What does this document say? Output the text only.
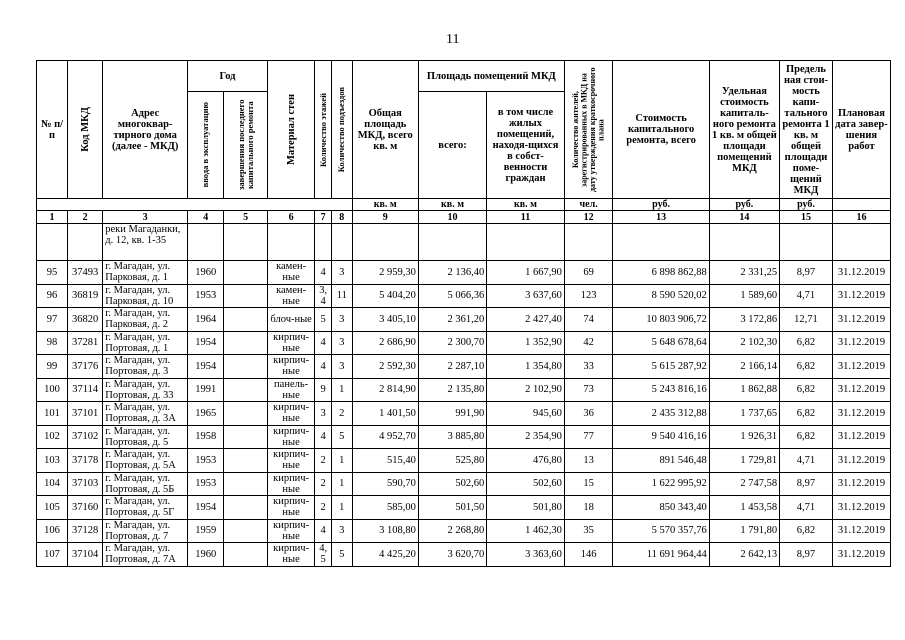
11
№ п/п	Код МКД	Адрес многоквар-тирного дома (далее - МКД)	Год		Материал стен	Количество этажей	Количество подъездов	Общая площадь МКД, всего кв. м	Площадь помещений МКД		Количество жителей, зарегистрированных в МКД на дату утверждения краткосрочного плана	Стоимость капитального ремонта, всего	Удельная стоимость капиталь-ного ремонта 1 кв. м общей площади помещений МКД	Предель ная стои-мость капи-тального ремонта 1 кв. м общей площади поме-щений МКД	Плановая дата завер-шения работ

			ввода в эксплуатацию	завершения последнего капитального ремонта					всего:	в том числе жилых помещений, находя-щихся в собст-венности граждан					
								кв. м	кв. м	кв. м	чел.	руб.	руб.	руб.	
1	2	3	4	5	6	7	8	9	10	11	12	13	14	15	16
		реки Магаданки, д. 12, кв. 1-35													
95	37493	г. Магадан, ул. Парковая, д. 1	1960		камен-ные	4	3	2 959,30	2 136,40	1 667,90	69	6 898 862,88	2 331,25	8,97	31.12.2019
96	36819	г. Магадан, ул. Парковая, д. 10	1953		камен-ные	3, 4	11	5 404,20	5 066,36	3 637,60	123	8 590 520,02	1 589,60	4,71	31.12.2019
97	36820	г. Магадан, ул. Парковая, д. 2	1964		блоч-ные	5	3	3 405,10	2 361,20	2 427,40	74	10 803 906,72	3 172,86	12,71	31.12.2019
98	37281	г. Магадан, ул. Портовая, д. 1	1954		кирпич-ные	4	3	2 686,90	2 300,70	1 352,90	42	5 648 678,64	2 102,30	6,82	31.12.2019
99	37176	г. Магадан, ул. Портовая, д. 3	1954		кирпич-ные	4	3	2 592,30	2 287,10	1 354,80	33	5 615 287,92	2 166,14	6,82	31.12.2019
100	37114	г. Магадан, ул. Портовая, д. 33	1991		панель-ные	9	1	2 814,90	2 135,80	2 102,90	73	5 243 816,16	1 862,88	6,82	31.12.2019
101	37101	г. Магадан, ул. Портовая, д. 3А	1965		кирпич-ные	3	2	1 401,50	991,90	945,60	36	2 435 312,88	1 737,65	6,82	31.12.2019
102	37102	г. Магадан, ул. Портовая, д. 5	1958		кирпич-ные	4	5	4 952,70	3 885,80	2 354,90	77	9 540 416,16	1 926,31	6,82	31.12.2019
103	37178	г. Магадан, ул. Портовая, д. 5А	1953		кирпич-ные	2	1	515,40	525,80	476,80	13	891 546,48	1 729,81	4,71	31.12.2019
104	37103	г. Магадан, ул. Портовая, д. 5Б	1953		кирпич-ные	2	1	590,70	502,60	502,60	15	1 622 995,92	2 747,58	8,97	31.12.2019
105	37160	г. Магадан, ул. Портовая, д. 5Г	1954		кирпич-ные	2	1	585,00	501,50	501,80	18	850 343,40	1 453,58	4,71	31.12.2019
106	37128	г. Магадан, ул. Портовая, д. 7	1959		кирпич-ные	4	3	3 108,80	2 268,80	1 462,30	35	5 570 357,76	1 791,80	6,82	31.12.2019
107	37104	г. Магадан, ул. Портовая, д. 7А	1960		кирпич-ные	4, 5	5	4 425,20	3 620,70	3 363,60	146	11 691 964,44	2 642,13	8,97	31.12.2019
